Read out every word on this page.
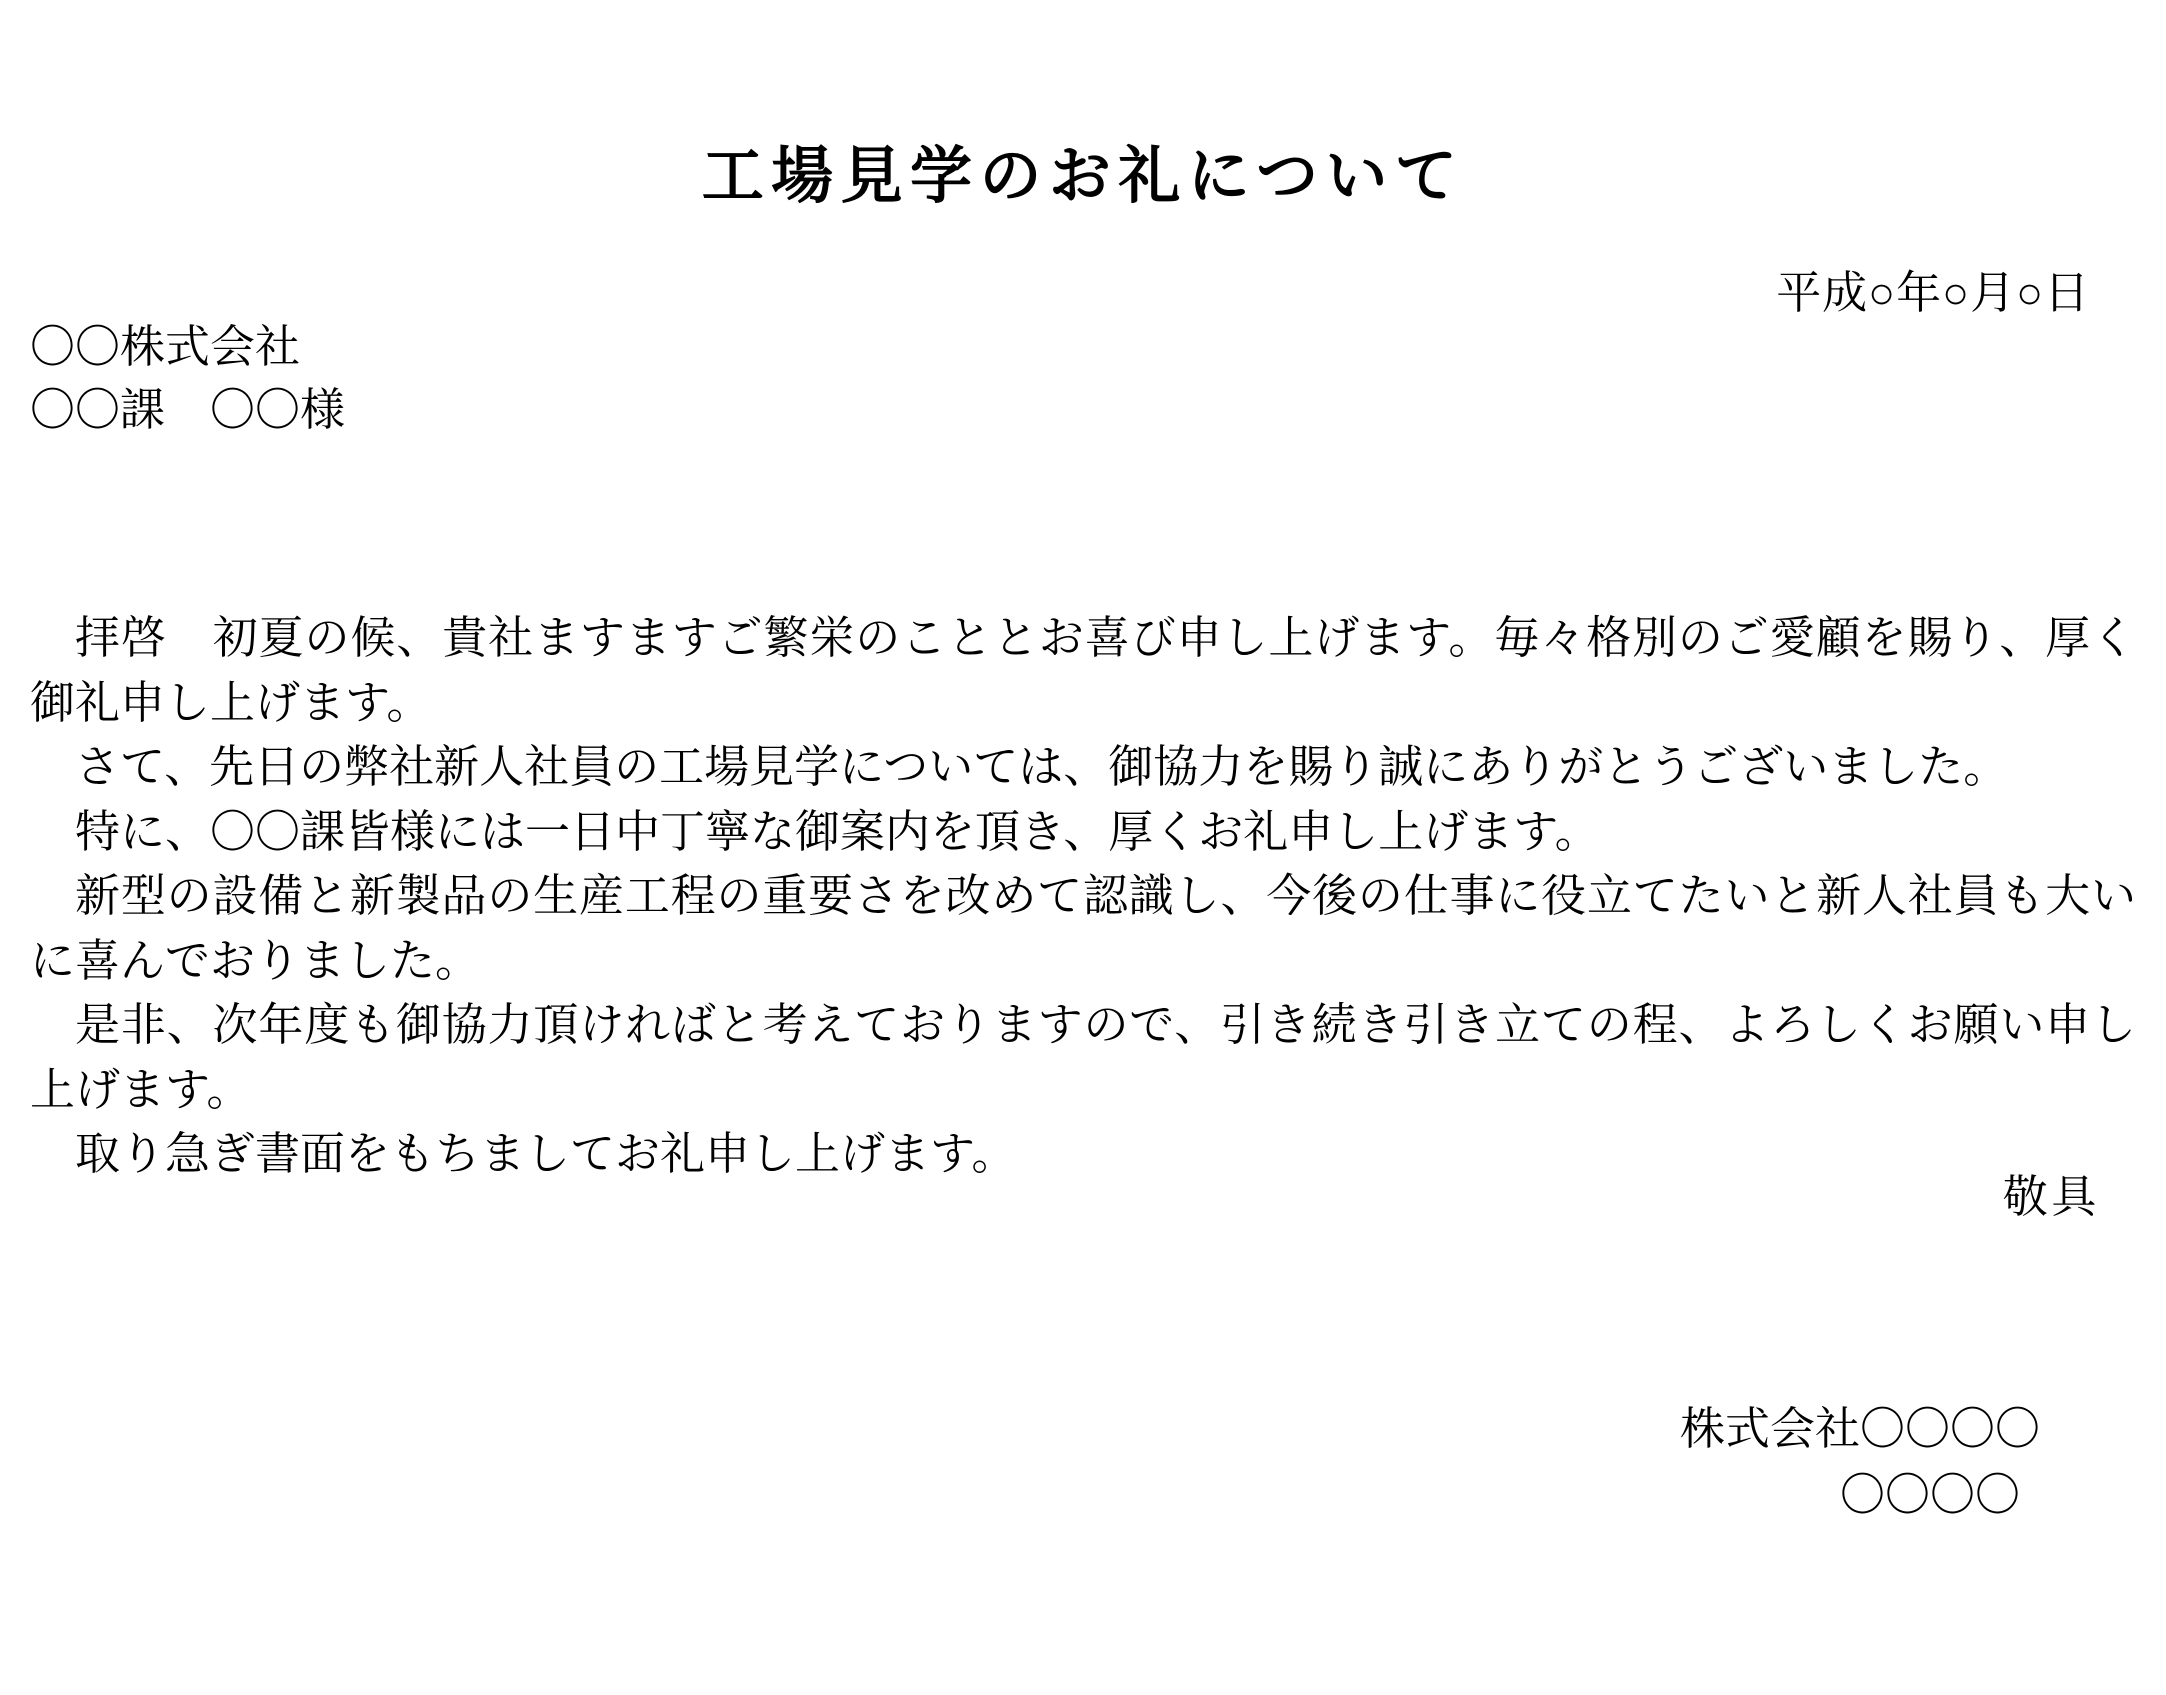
工場見学のお礼について
平成○年○月○日
〇〇株式会社
〇〇課　〇〇様

拝啓　初夏の候、貴社ますますご繁栄のこととお喜び申し上げます。毎々格別のご愛顧を賜り、厚く御礼申し上げます。

さて、先日の弊社新人社員の工場見学については、御協力を賜り誠にありがとうございました。

特に、〇〇課皆様には一日中丁寧な御案内を頂き、厚くお礼申し上げます。

新型の設備と新製品の生産工程の重要さを改めて認識し、今後の仕事に役立てたいと新人社員も大いに喜んでおりました。

是非、次年度も御協力頂ければと考えておりますので、引き続き引き立ての程、よろしくお願い申し上げます。

取り急ぎ書面をもちましてお礼申し上げます。

敬具
株式会社〇〇〇〇
〇〇〇〇
